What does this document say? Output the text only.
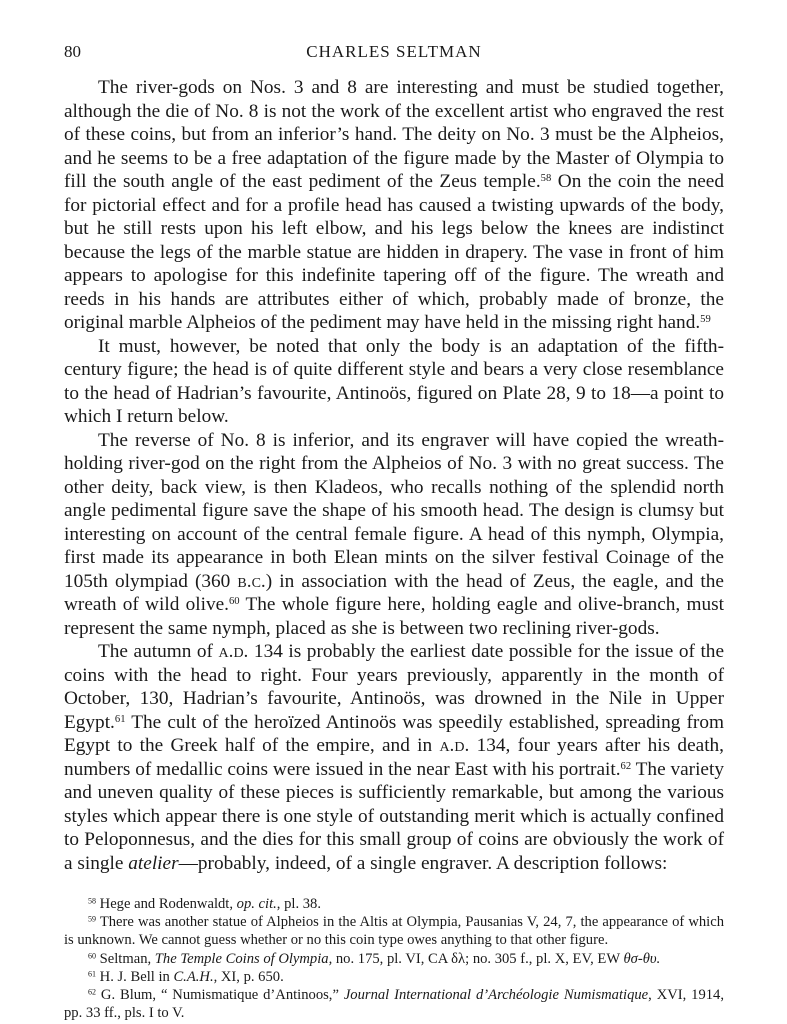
80	CHARLES SELTMAN

The river-gods on Nos. 3 and 8 are interesting and must be studied together, although the die of No. 8 is not the work of the excellent artist who engraved the rest of these coins, but from an inferior’s hand. The deity on No. 3 must be the Alpheios, and he seems to be a free adaptation of the figure made by the Master of Olympia to fill the south angle of the east pediment of the Zeus temple.$^{58}$ On the coin the need for pictorial effect and for a profile head has caused a twisting upwards of the body, but he still rests upon his left elbow, and his legs below the knees are indistinct because the legs of the marble statue are hidden in drapery. The vase in front of him appears to apologise for this indefinite tapering off of the figure. The wreath and reeds in his hands are attributes either of which, probably made of bronze, the original marble Alpheios of the pediment may have held in the missing right hand.$^{59}$

It must, however, be noted that only the body is an adaptation of the fifth-century figure; the head is of quite different style and bears a very close resemblance to the head of Hadrian’s favourite, Antinoös, figured on Plate 28, 9 to 18—a point to which I return below.

The reverse of No. 8 is inferior, and its engraver will have copied the wreath-holding river-god on the right from the Alpheios of No. 3 with no great success. The other deity, back view, is then Kladeos, who recalls nothing of the splendid north angle pedimental figure save the shape of his smooth head. The design is clumsy but interesting on account of the central female figure. A head of this nymph, Olympia, first made its appearance in both Elean mints on the silver festival Coinage of the 105th olympiad (360 b.c.) in association with the head of Zeus, the eagle, and the wreath of wild olive.$^{60}$ The whole figure here, holding eagle and olive-branch, must represent the same nymph, placed as she is between two reclining river-gods.

The autumn of a.d. 134 is probably the earliest date possible for the issue of the coins with the head to right. Four years previously, apparently in the month of October, 130, Hadrian’s favourite, Antinoös, was drowned in the Nile in Upper Egypt.$^{61}$ The cult of the heroïzed Antinoös was speedily established, spreading from Egypt to the Greek half of the empire, and in a.d. 134, four years after his death, numbers of medallic coins were issued in the near East with his portrait.$^{62}$ The variety and uneven quality of these pieces is sufficiently remarkable, but among the various styles which appear there is one style of outstanding merit which is actually confined to Peloponnesus, and the dies for this small group of coins are obviously the work of a single atelier—probably, indeed, of a single engraver. A description follows:

$^{58}$ Hege and Rodenwaldt, op. cit., pl. 38.

$^{59}$ There was another statue of Alpheios in the Altis at Olympia, Pausanias V, 24, 7, the appearance of which is unknown. We cannot guess whether or no this coin type owes anything to that other figure.

$^{60}$ Seltman, The Temple Coins of Olympia, no. 175, pl. VI, CA δλ; no. 305 f., pl. X, EV, EW θσ-θυ.

$^{61}$ H. J. Bell in C.A.H., XI, p. 650.

$^{62}$ G. Blum, “ Numismatique d’Antinoos,” Journal International d’Archéologie Numismatique, XVI, 1914, pp. 33 ff., pls. I to V.
